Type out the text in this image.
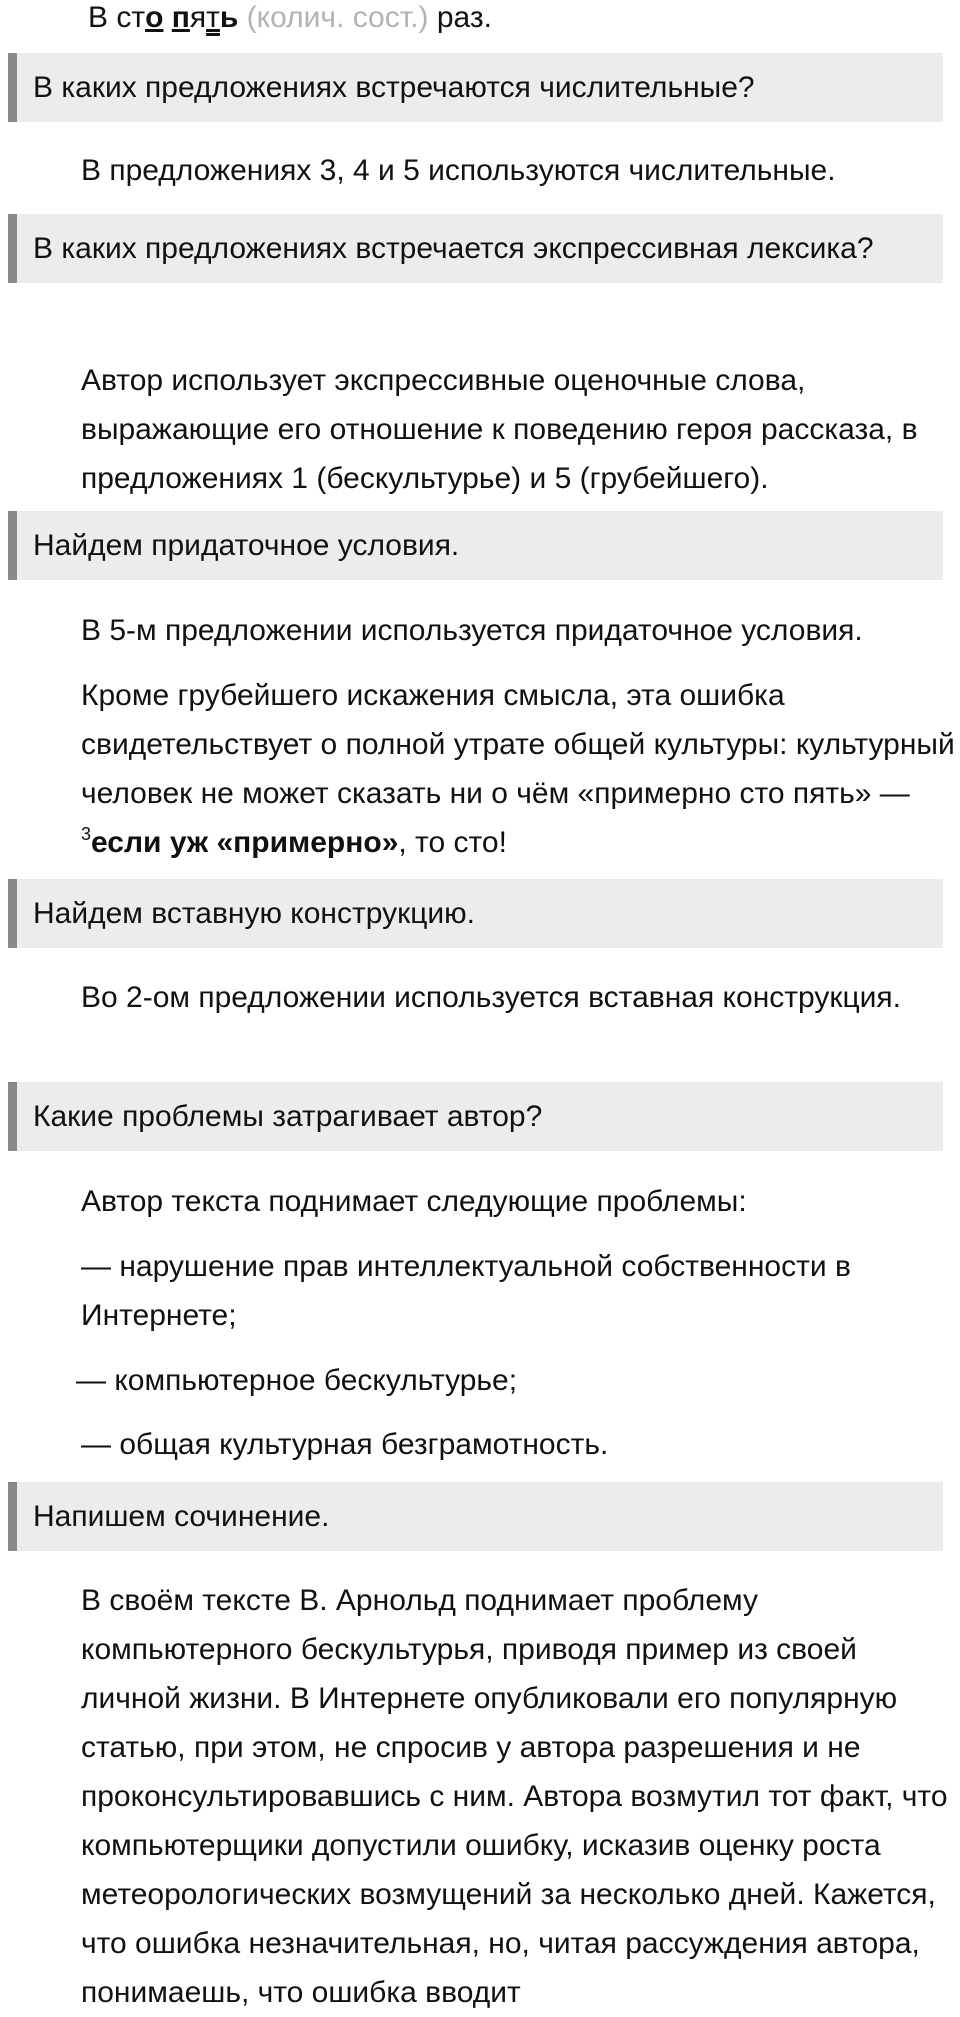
В сто пять (колич. сост.) раз.
В каких предложениях встречаются числительные?
В предложениях 3, 4 и 5 используются числительные.
В каких предложениях встречается экспрессивная лексика?
Автор использует экспрессивные оценочные слова, выражающие его отношение к поведению героя рассказа, в предложениях 1 (бескультурье) и 5 (грубейшего).
Найдем придаточное условия.
В 5-м предложении используется придаточное условия.
Кроме грубейшего искажения смысла, эта ошибка свидетельствует о полной утрате общей культуры: культурный человек не может сказать ни о чём «примерно сто пять» — $^3$если уж «примерно», то сто!
Найдем вставную конструкцию.
Во 2-ом предложении используется вставная конструкция.
Какие проблемы затрагивает автор?
Автор текста поднимает следующие проблемы:
— нарушение прав интеллектуальной собственности в Интернете;
— компьютерное бескультурье;
— общая культурная безграмотность.
Напишем сочинение.
В своём тексте В. Арнольд поднимает проблему компьютерного бескультурья, приводя пример из своей личной жизни. В Интернете опубликовали его популярную статью, при этом, не спросив у автора разрешения и не проконсультировавшись с ним. Автора возмутил тот факт, что компьютерщики допустили ошибку, исказив оценку роста метеорологических возмущений за несколько дней. Кажется, что ошибка незначительная, но, читая рассуждения автора, понимаешь, что ошибка вводит
